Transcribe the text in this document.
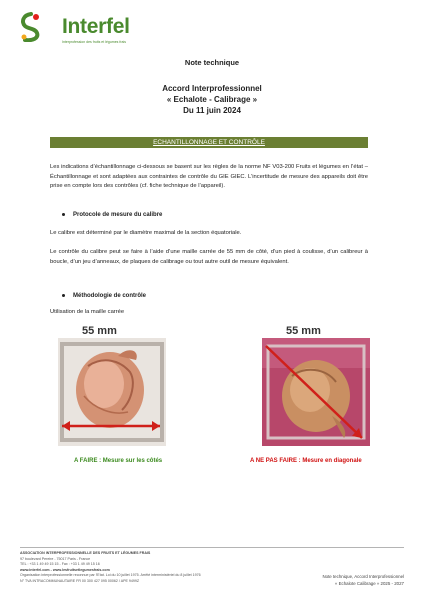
Interfel
Interprofession des fruits et légumes frais
Note technique
Accord Interprofessionnel
« Echalote - Calibrage »
Du 11 juin 2024
ECHANTILLONNAGE ET CONTRÔLE
Les indications d’échantillonnage ci-dessous se basent sur les règles de la norme NF V03-200 Fruits et légumes en l’état – Échantillonnage et sont adaptées aux contraintes de contrôle du GIE GIEC. L’incertitude de mesure des appareils doit être prise en compte lors des contrôles (cf. fiche technique de l’appareil).
Protocole de mesure du calibre
Le calibre est déterminé par le diamètre maximal de la section équatoriale.
Le contrôle du calibre peut se faire à l’aide d’une maille carrée de 55 mm de côté, d’un pied à coulisse, d’un calibreur à boucle, d’un jeu d’anneaux, de plaques de calibrage ou tout autre outil de mesure équivalent.
Méthodologie de contrôle
Utilisation de la maille carrée
55 mm	55 mm
A FAIRE : Mesure sur les côtés	A NE PAS FAIRE : Mesure en diagonale
ASSOCIATION INTERPROFESSIONNELLE DES FRUITS ET LÉGUMES FRAIS
97 boulevard Pereire - 75017 Paris - France
TEL : +33 1 49 49 15 15 - Fax : +33 1 49 49 15 16
www.interfel.com - www.lesfruitsetlegumesfrais.com
Organisation interprofessionnelle reconnue par l’Etat. Loi du 10 juillet 1975. Arrêté interministériel du 8 juillet 1976
N° TVA INTRACOMMUNAUTAIRE FR 00 300 427 095 00062 / APE 9499Z
Note technique, Accord Interprofessionnel
« Echalote Calibrage » 2025 - 2027
